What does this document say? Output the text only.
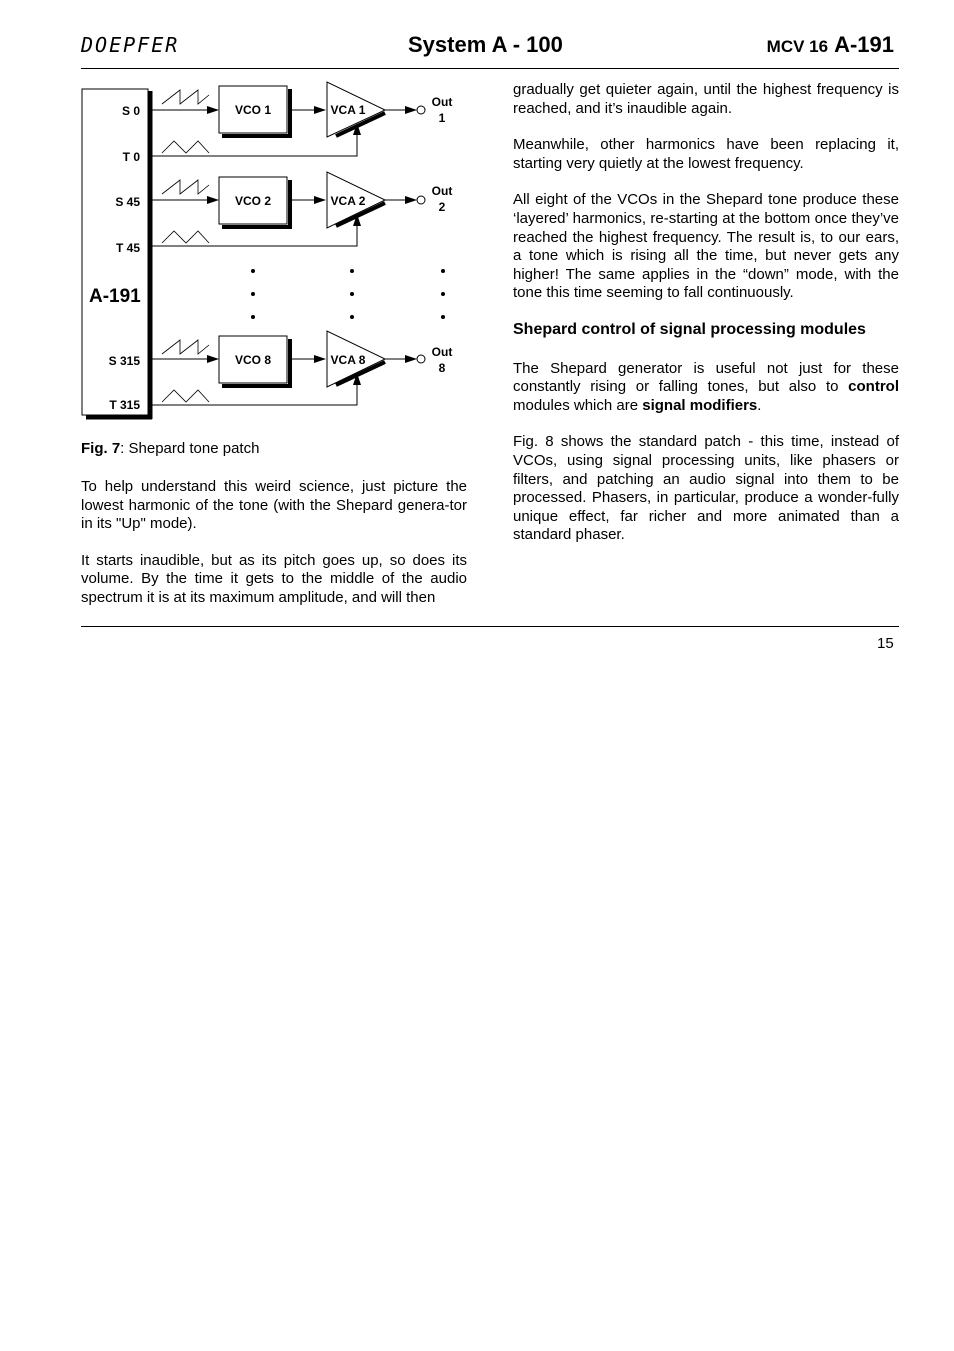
DOEPFER	System A - 100	MCV 16 A-191
S 0
T 0
S 45
T 45
A-191
S 315
T 315
VCO 1	VCA 1
Out
1
VCO 2	VCA 2
Out
2
VCO 8	VCA 8
Out
8
Fig. 7: Shepard tone patch

To help understand this weird science, just picture the lowest harmonic of the tone (with the Shepard genera-tor in its "Up" mode).

It starts inaudible, but as its pitch goes up, so does its volume. By the time it gets to the middle of the audio spectrum it is at its maximum amplitude, and will then

gradually get quieter again, until the highest frequency is reached, and it’s inaudible again.

Meanwhile, other harmonics have been replacing it, starting very quietly at the lowest frequency.

All eight of the VCOs in the Shepard tone produce these ‘layered’ harmonics, re-starting at the bottom once they’ve reached the highest frequency. The result is, to our ears, a tone which is rising all the time, but never gets any higher! The same applies in the “down” mode, with the tone this time seeming to fall continuously.

Shepard control of signal processing modules

The Shepard generator is useful not just for these constantly rising or falling tones, but also to control modules which are signal modifiers.

Fig. 8 shows the standard patch - this time, instead of VCOs, using signal processing units, like phasers or filters, and patching an audio signal into them to be processed. Phasers, in particular, produce a wonder-fully unique effect, far richer and more animated than a standard phaser.

15
